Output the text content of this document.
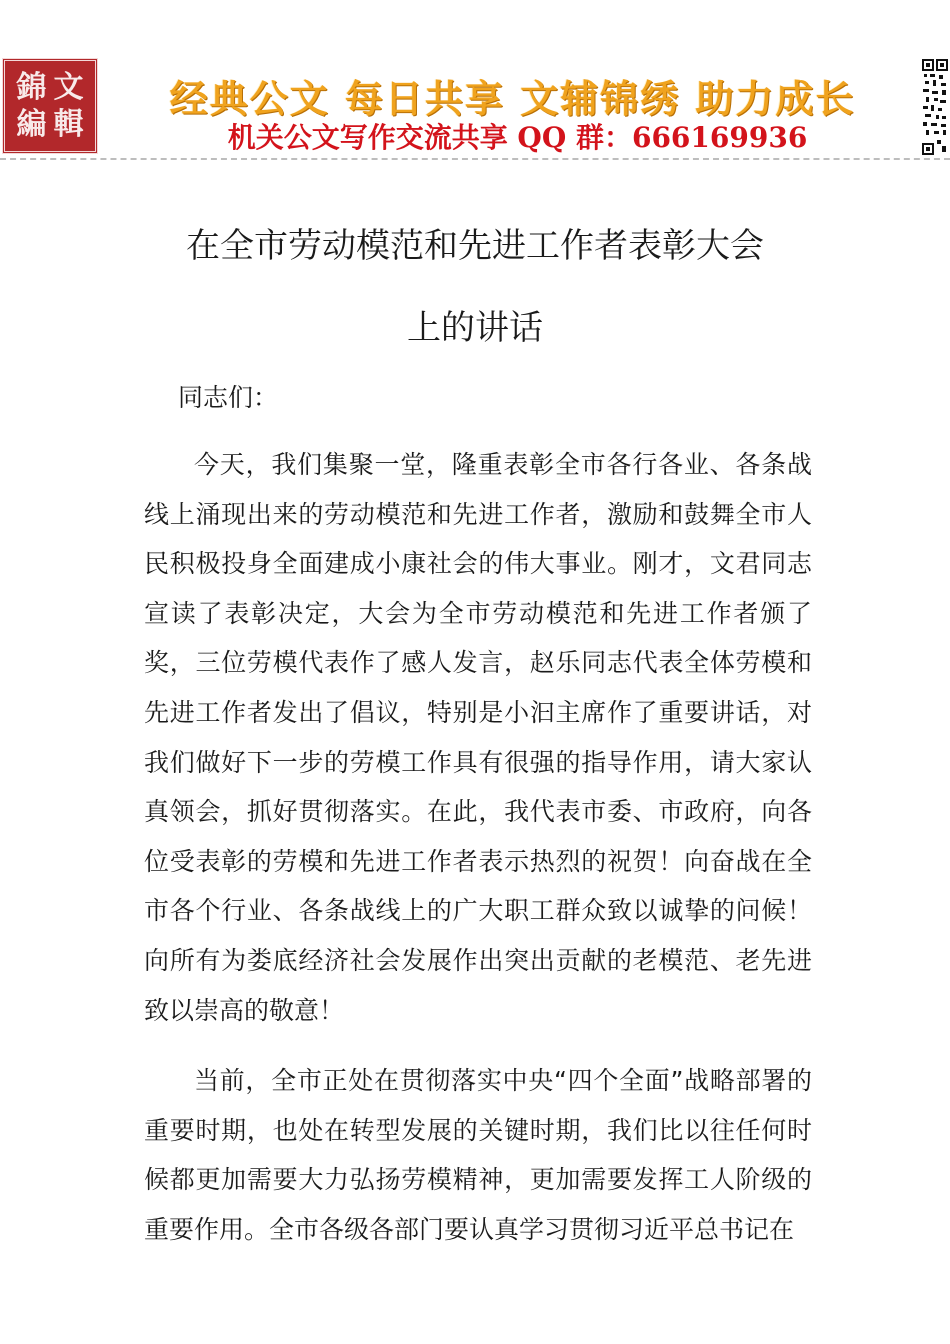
錦 文
編 輯
经典公文 每日共享 文辅锦绣 助力成长
机关公文写作交流共享 QQ 群：666169936
在全市劳动模范和先进工作者表彰大会
上的讲话

同志们：

今天，我们集聚一堂，隆重表彰全市各行各业、各条战线上涌现出来的劳动模范和先进工作者，激励和鼓舞全市人民积极投身全面建成小康社会的伟大事业。刚才，文君同志宣读了表彰决定，大会为全市劳动模范和先进工作者颁了奖，三位劳模代表作了感人发言，赵乐同志代表全体劳模和先进工作者发出了倡议，特别是小汩主席作了重要讲话，对我们做好下一步的劳模工作具有很强的指导作用，请大家认真领会，抓好贯彻落实。在此，我代表市委、市政府，向各位受表彰的劳模和先进工作者表示热烈的祝贺！向奋战在全市各个行业、各条战线上的广大职工群众致以诚挚的问候！向所有为娄底经济社会发展作出突出贡献的老模范、老先进致以崇高的敬意！

当前，全市正处在贯彻落实中央“四个全面”战略部署的重要时期，也处在转型发展的关键时期，我们比以往任何时候都更加需要大力弘扬劳模精神，更加需要发挥工人阶级的重要作用。全市各级各部门要认真学习贯彻习近平总书记在
